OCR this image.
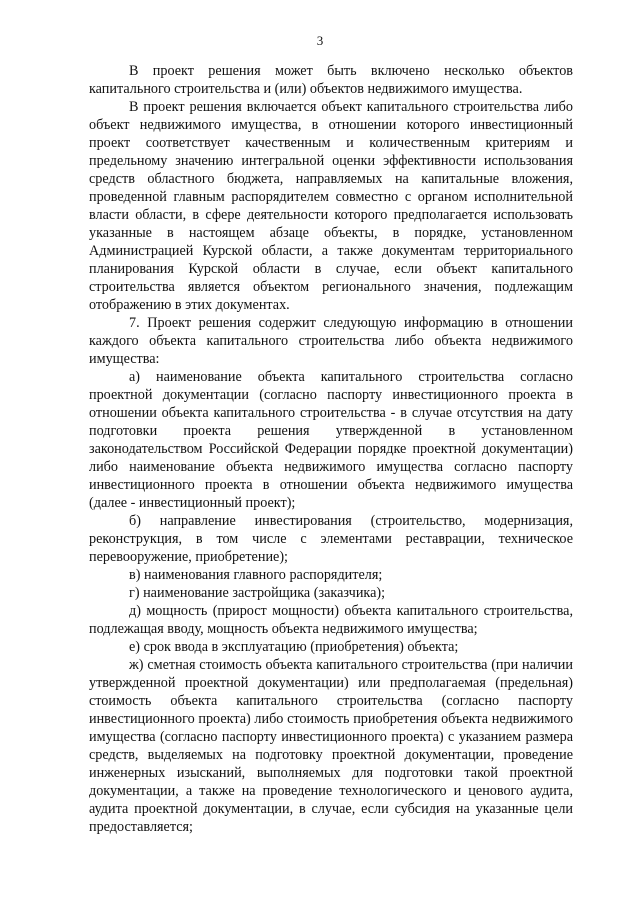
3

В проект решения может быть включено несколько объектов капитального строительства и (или) объектов недвижимого имущества.

В проект решения включается объект капитального строительства либо объект недвижимого имущества, в отношении которого инвестиционный проект соответствует качественным и количественным критериям и предельному значению интегральной оценки эффективности использования средств областного бюджета, направляемых на капитальные вложения, проведенной главным распорядителем совместно с органом исполнительной власти области, в сфере деятельности которого предполагается использовать указанные в настоящем абзаце объекты, в порядке, установленном Администрацией Курской области, а также документам территориального планирования Курской области в случае, если объект капитального строительства является объектом регионального значения, подлежащим отображению в этих документах.

7. Проект решения содержит следующую информацию в отношении каждого объекта капитального строительства либо объекта недвижимого имущества:

а) наименование объекта капитального строительства согласно проектной документации (согласно паспорту инвестиционного проекта в отношении объекта капитального строительства - в случае отсутствия на дату подготовки проекта решения утвержденной в установленном законодательством Российской Федерации порядке проектной документации) либо наименование объекта недвижимого имущества согласно паспорту инвестиционного проекта в отношении объекта недвижимого имущества (далее - инвестиционный проект);

б) направление инвестирования (строительство, модернизация, реконструкция, в том числе с элементами реставрации, техническое перевооружение, приобретение);

в) наименования главного распорядителя;

г) наименование застройщика (заказчика);

д) мощность (прирост мощности) объекта капитального строительства, подлежащая вводу, мощность объекта недвижимого имущества;

е) срок ввода в эксплуатацию (приобретения) объекта;

ж) сметная стоимость объекта капитального строительства (при наличии утвержденной проектной документации) или предполагаемая (предельная) стоимость объекта капитального строительства (согласно паспорту инвестиционного проекта) либо стоимость приобретения объекта недвижимого имущества (согласно паспорту инвестиционного проекта) с указанием размера средств, выделяемых на подготовку проектной документации, проведение инженерных изысканий, выполняемых для подготовки такой проектной документации, а также на проведение технологического и ценового аудита, аудита проектной документации, в случае, если субсидия на указанные цели предоставляется;
